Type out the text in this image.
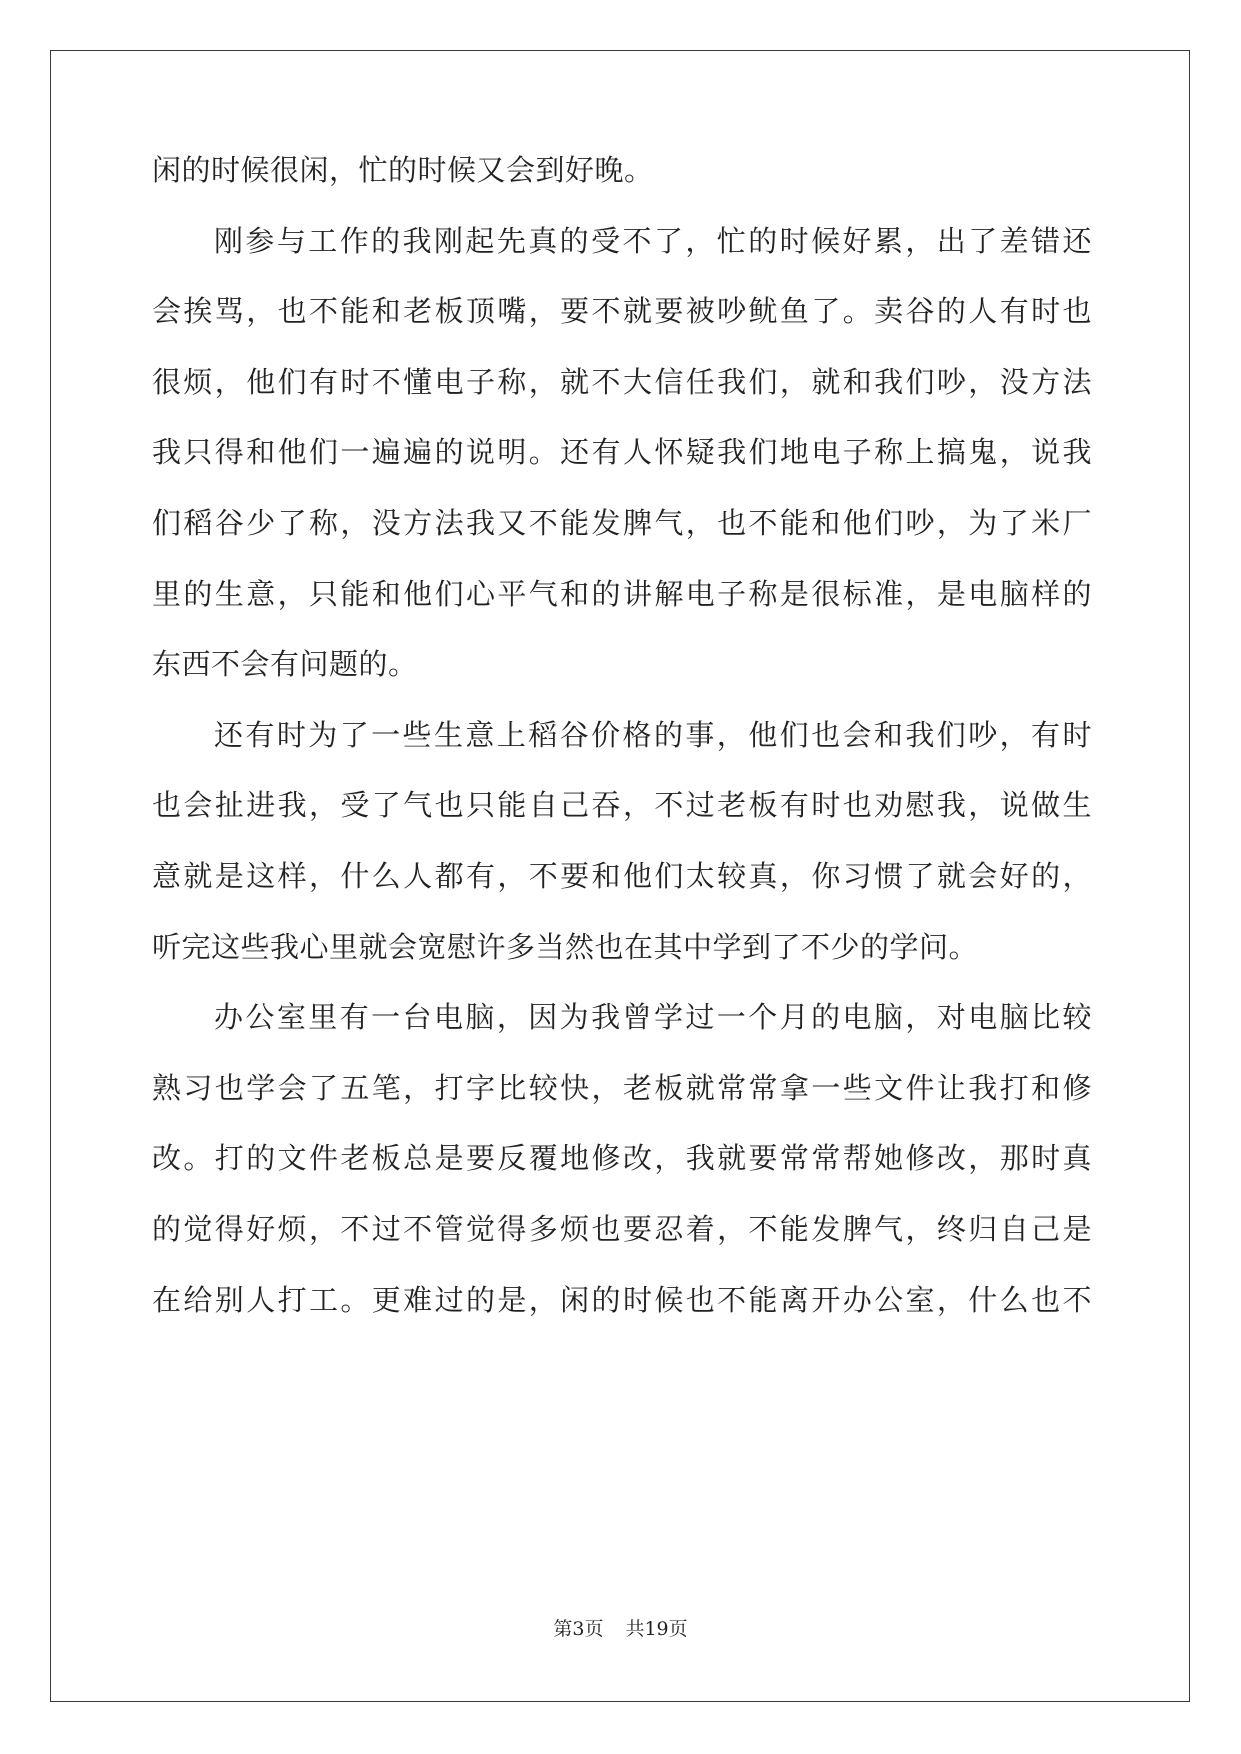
闲的时候很闲，忙的时候又会到好晚。
刚参与工作的我刚起先真的受不了，忙的时候好累，出了差错还
会挨骂，也不能和老板顶嘴，要不就要被吵鱿鱼了。卖谷的人有时也
很烦，他们有时不懂电子称，就不大信任我们，就和我们吵，没方法
我只得和他们一遍遍的说明。还有人怀疑我们地电子称上搞鬼，说我
们稻谷少了称，没方法我又不能发脾气，也不能和他们吵，为了米厂
里的生意，只能和他们心平气和的讲解电子称是很标准，是电脑样的
东西不会有问题的。
还有时为了一些生意上稻谷价格的事，他们也会和我们吵，有时
也会扯进我，受了气也只能自己吞，不过老板有时也劝慰我，说做生
意就是这样，什么人都有，不要和他们太较真，你习惯了就会好的，
听完这些我心里就会宽慰许多当然也在其中学到了不少的学问。
办公室里有一台电脑，因为我曾学过一个月的电脑，对电脑比较
熟习也学会了五笔，打字比较快，老板就常常拿一些文件让我打和修
改。打的文件老板总是要反覆地修改，我就要常常帮她修改，那时真
的觉得好烦，不过不管觉得多烦也要忍着，不能发脾气，终归自己是
在给别人打工。更难过的是，闲的时候也不能离开办公室，什么也不
第3页 共19页
